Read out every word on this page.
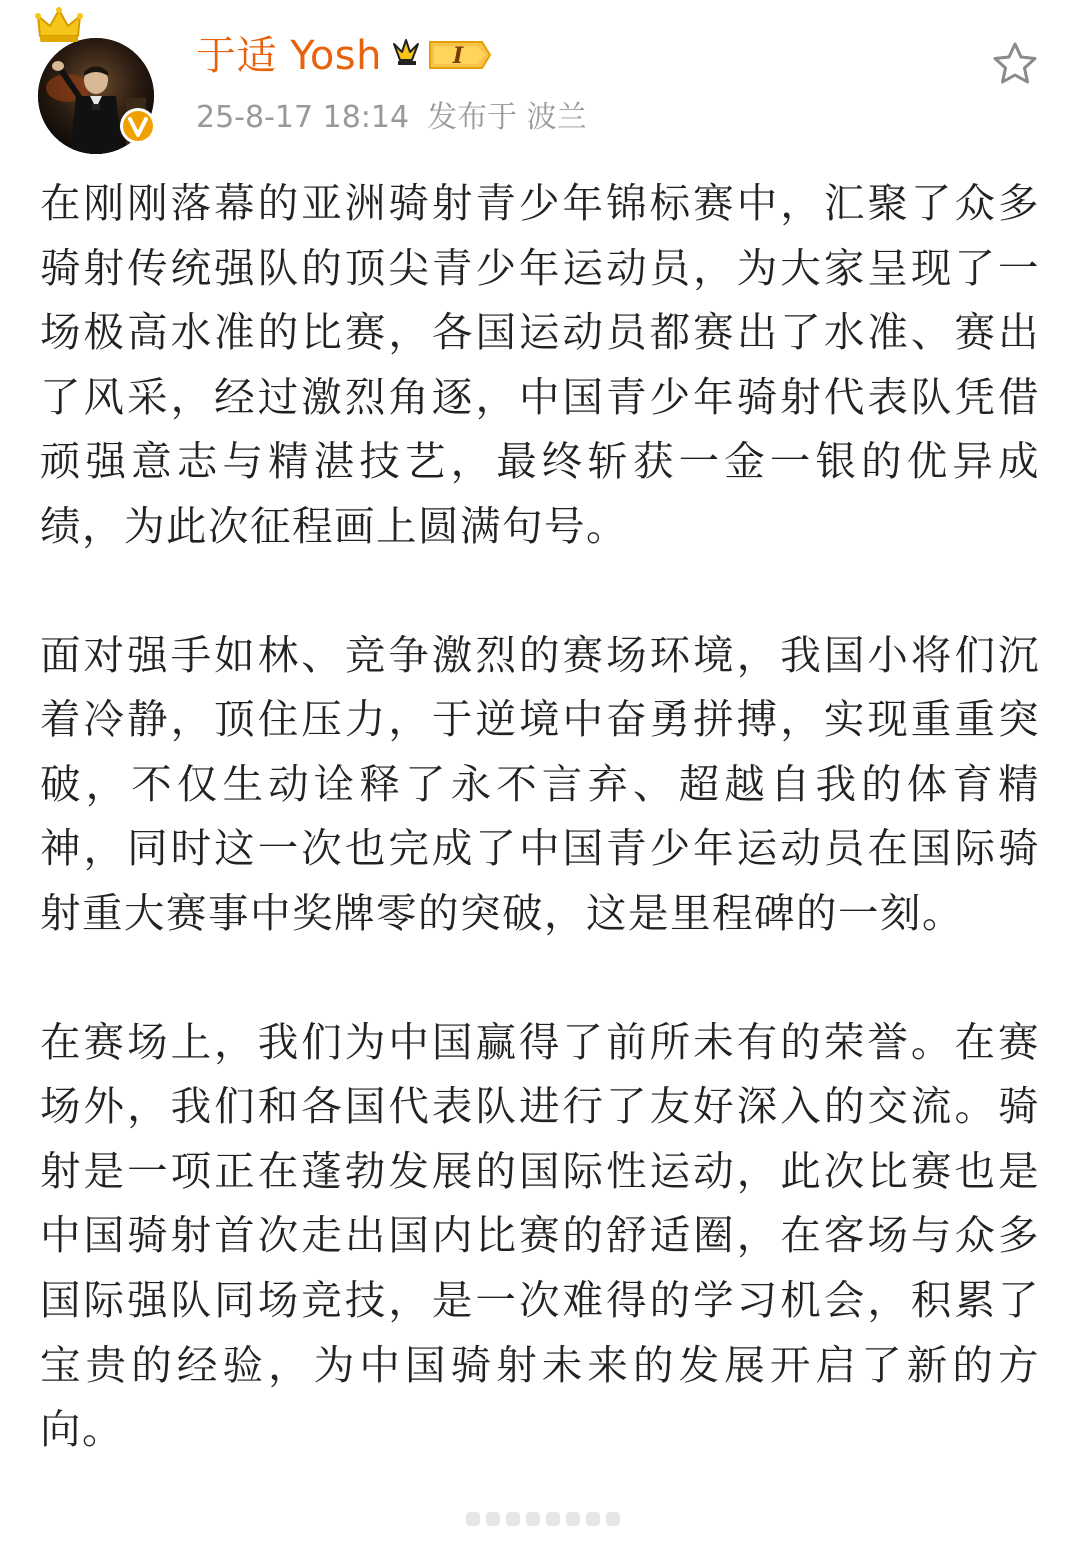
于适 Yosh	I
25-8-17 18:14 发布于 波兰

在刚刚落幕的亚洲骑射青少年锦标赛中，汇聚了众多骑射传统强队的顶尖青少年运动员，为大家呈现了一场极高水准的比赛，各国运动员都赛出了水准、赛出了风采，经过激烈角逐，中国青少年骑射代表队凭借顽强意志与精湛技艺，最终斩获一金一银的优异成绩，为此次征程画上圆满句号。

面对强手如林、竞争激烈的赛场环境，我国小将们沉着冷静，顶住压力，于逆境中奋勇拼搏，实现重重突破，不仅生动诠释了永不言弃、超越自我的体育精神，同时这一次也完成了中国青少年运动员在国际骑射重大赛事中奖牌零的突破，这是里程碑的一刻。

在赛场上，我们为中国赢得了前所未有的荣誉。在赛场外，我们和各国代表队进行了友好深入的交流。骑射是一项正在蓬勃发展的国际性运动，此次比赛也是中国骑射首次走出国内比赛的舒适圈，在客场与众多国际强队同场竞技，是一次难得的学习机会，积累了宝贵的经验，为中国骑射未来的发展开启了新的方向。
